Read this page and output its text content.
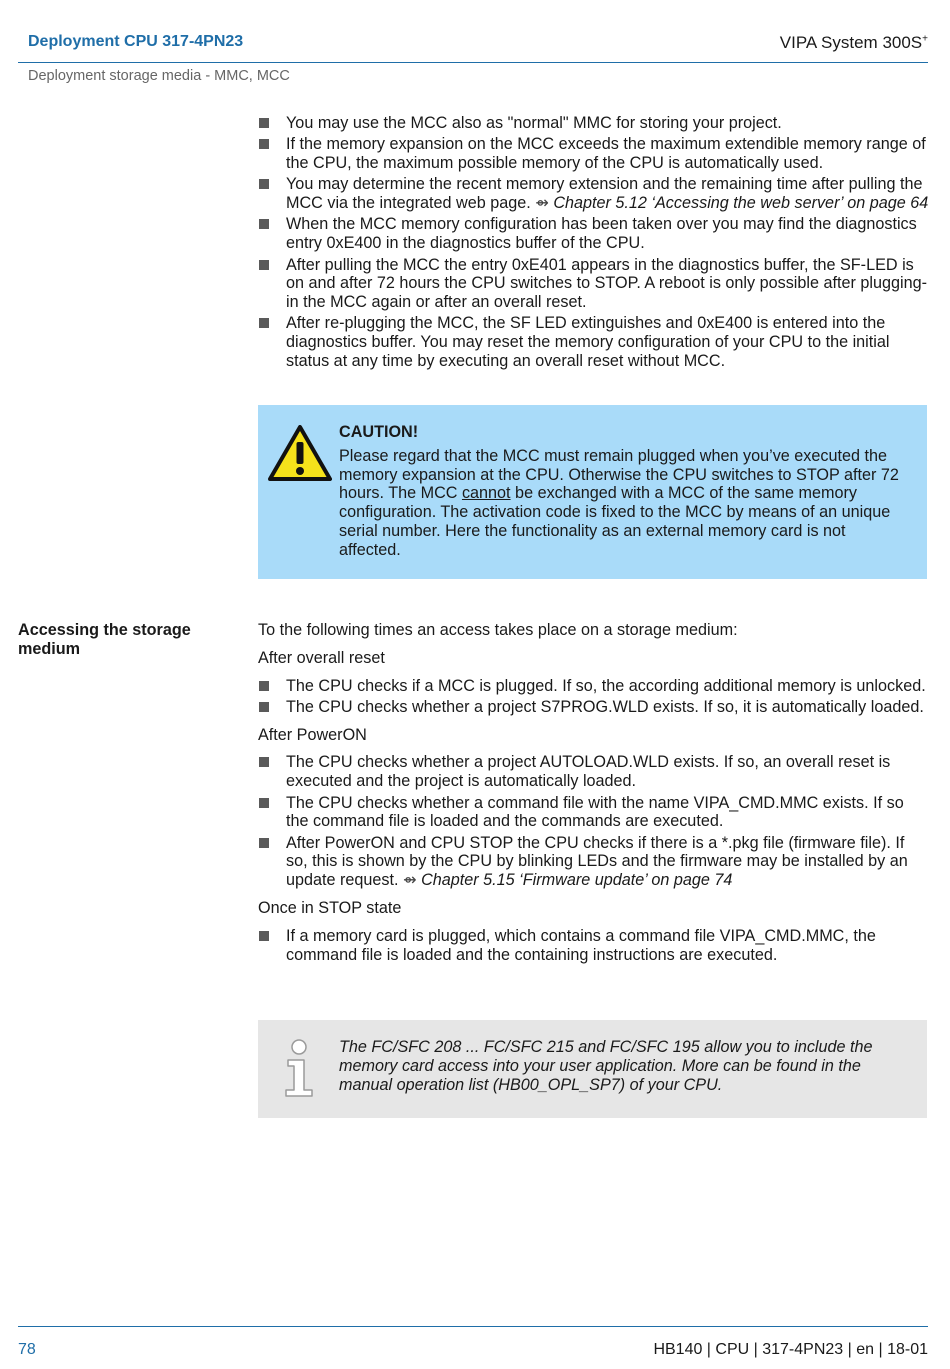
Deployment CPU 317-4PN23	VIPA System 300S+
Deployment storage media - MMC, MCC
You may use the MCC also as "normal" MMC for storing your project.
If the memory expansion on the MCC exceeds the maximum extendible memory range of the CPU, the maximum possible memory of the CPU is automatically used.
You may determine the recent memory extension and the remaining time after pulling the MCC via the integrated web page. ⇴ Chapter 5.12 ‘Accessing the web server’ on page 64
When the MCC memory configuration has been taken over you may find the diagnostics entry 0xE400 in the diagnostics buffer of the CPU.
After pulling the MCC the entry 0xE401 appears in the diagnostics buffer, the SF-LED is on and after 72 hours the CPU switches to STOP. A reboot is only possible after plugging-in the MCC again or after an overall reset.
After re-plugging the MCC, the SF LED extinguishes and 0xE400 is entered into the diagnostics buffer. You may reset the memory configuration of your CPU to the initial status at any time by executing an overall reset without MCC.
CAUTION!
Please regard that the MCC must remain plugged when you’ve executed the memory expansion at the CPU. Otherwise the CPU switches to STOP after 72 hours. The MCC cannot be exchanged with a MCC of the same memory configuration. The activation code is fixed to the MCC by means of an unique serial number. Here the functionality as an external memory card is not affected.
Accessing the storage medium

To the following times an access takes place on a storage medium:

After overall reset

The CPU checks if a MCC is plugged. If so, the according additional memory is unlocked.
The CPU checks whether a project S7PROG.WLD exists. If so, it is automatically loaded.

After PowerON

The CPU checks whether a project AUTOLOAD.WLD exists. If so, an overall reset is executed and the project is automatically loaded.
The CPU checks whether a command file with the name VIPA_CMD.MMC exists. If so the command file is loaded and the commands are executed.
After PowerON and CPU STOP the CPU checks if there is a *.pkg file (firmware file). If so, this is shown by the CPU by blinking LEDs and the firmware may be installed by an update request. ⇴ Chapter 5.15 ‘Firmware update’ on page 74

Once in STOP state

If a memory card is plugged, which contains a command file VIPA_CMD.MMC, the command file is loaded and the containing instructions are executed.
The FC/SFC 208 ... FC/SFC 215 and FC/SFC 195 allow you to include the memory card access into your user application. More can be found in the manual operation list (HB00_OPL_SP7) of your CPU.
78	HB140 | CPU | 317-4PN23 | en | 18-01
